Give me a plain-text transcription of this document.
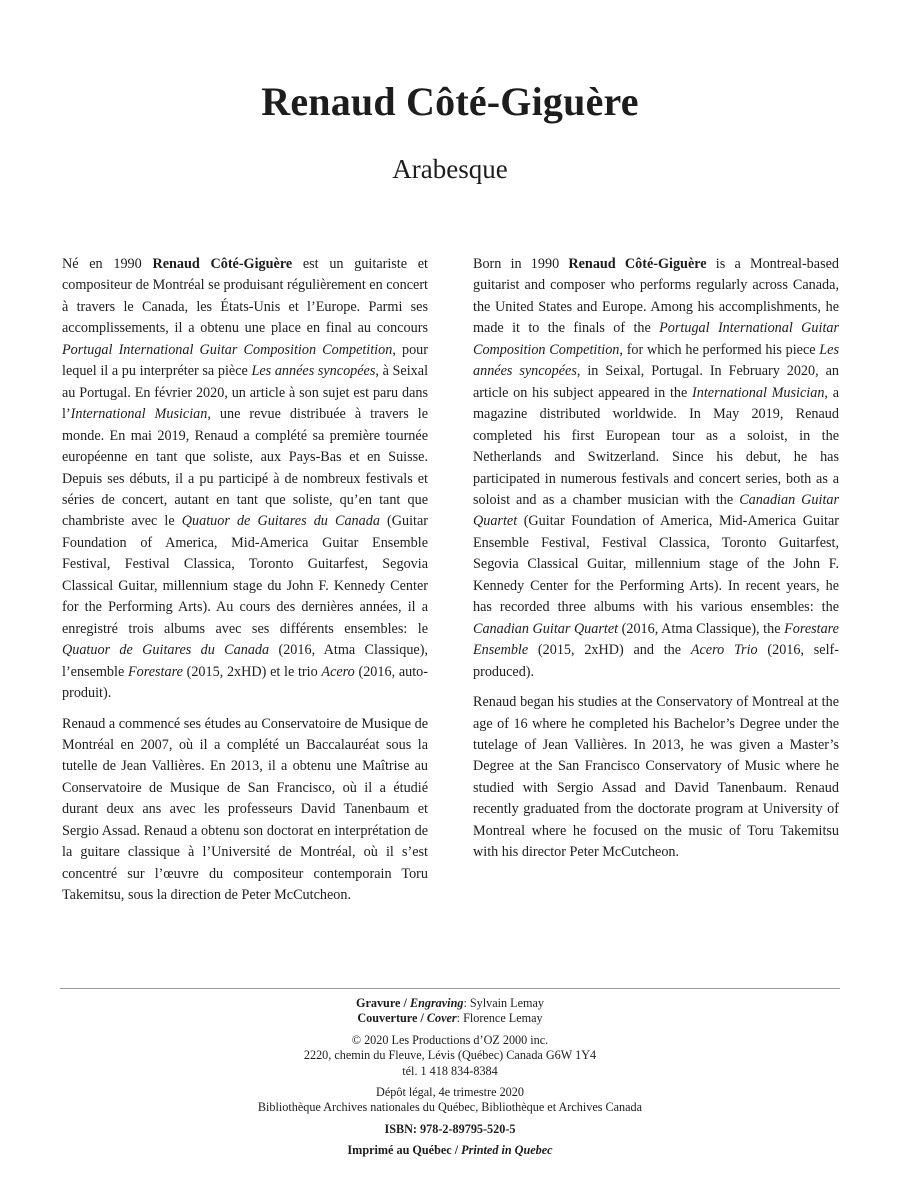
Renaud Côté-Giguère
Arabesque

Né en 1990 Renaud Côté-Giguère est un guitariste et compositeur de Montréal se produisant régulièrement en concert à travers le Canada, les États-Unis et l’Europe. Parmi ses accomplissements, il a obtenu une place en final au concours Portugal International Guitar Composition Competition, pour lequel il a pu interpréter sa pièce Les années syncopées, à Seixal au Portugal. En février 2020, un article à son sujet est paru dans l’International Musician, une revue distribuée à travers le monde. En mai 2019, Renaud a complété sa première tournée européenne en tant que soliste, aux Pays-Bas et en Suisse. Depuis ses débuts, il a pu participé à de nombreux festivals et séries de concert, autant en tant que soliste, qu’en tant que chambriste avec le Quatuor de Guitares du Canada (Guitar Foundation of America, Mid-America Guitar Ensemble Festival, Festival Classica, Toronto Guitarfest, Segovia Classical Guitar, millennium stage du John F. Kennedy Center for the Performing Arts). Au cours des dernières années, il a enregistré trois albums avec ses différents ensembles: le Quatuor de Guitares du Canada (2016, Atma Classique), l’ensemble Forestare (2015, 2xHD) et le trio Acero (2016, auto-produit).

Renaud a commencé ses études au Conservatoire de Musique de Montréal en 2007, où il a complété un Baccalauréat sous la tutelle de Jean Vallières. En 2013, il a obtenu une Maîtrise au Conservatoire de Musique de San Francisco, où il a étudié durant deux ans avec les professeurs David Tanenbaum et Sergio Assad. Renaud a obtenu son doctorat en interprétation de la guitare classique à l’Université de Montréal, où il s’est concentré sur l’œuvre du compositeur contemporain Toru Takemitsu, sous la direction de Peter McCutcheon.

Born in 1990 Renaud Côté-Giguère is a Montreal-based guitarist and composer who performs regularly across Canada, the United States and Europe. Among his accomplishments, he made it to the finals of the Portugal International Guitar Composition Competition, for which he performed his piece Les années syncopées, in Seixal, Portugal. In February 2020, an article on his subject appeared in the International Musician, a magazine distributed worldwide. In May 2019, Renaud completed his first European tour as a soloist, in the Netherlands and Switzerland. Since his debut, he has participated in numerous festivals and concert series, both as a soloist and as a chamber musician with the Canadian Guitar Quartet (Guitar Foundation of America, Mid-America Guitar Ensemble Festival, Festival Classica, Toronto Guitarfest, Segovia Classical Guitar, millennium stage of the John F. Kennedy Center for the Performing Arts). In recent years, he has recorded three albums with his various ensembles: the Canadian Guitar Quartet (2016, Atma Classique), the Forestare Ensemble (2015, 2xHD) and the Acero Trio (2016, self-produced).

Renaud began his studies at the Conservatory of Montreal at the age of 16 where he completed his Bachelor’s Degree under the tutelage of Jean Vallières. In 2013, he was given a Master’s Degree at the San Francisco Conservatory of Music where he studied with Sergio Assad and David Tanenbaum. Renaud recently graduated from the doctorate program at University of Montreal where he focused on the music of Toru Takemitsu with his director Peter McCutcheon.

Gravure / Engraving: Sylvain Lemay
Couverture / Cover: Florence Lemay
© 2020 Les Productions d’OZ 2000 inc.
2220, chemin du Fleuve, Lévis (Québec) Canada G6W 1Y4
tél. 1 418 834-8384
Dépôt légal, 4e trimestre 2020
Bibliothèque Archives nationales du Québec, Bibliothèque et Archives Canada
ISBN: 978-2-89795-520-5
Imprimé au Québec / Printed in Quebec
